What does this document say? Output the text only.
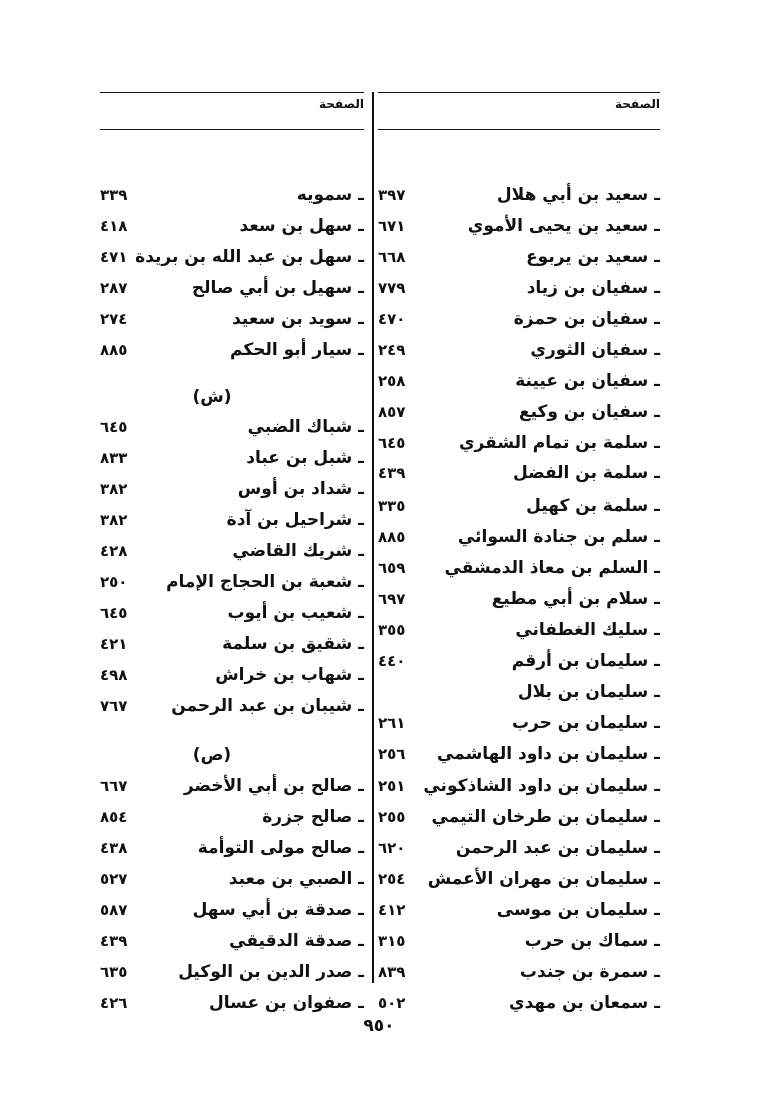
الصفحة
ـ سعيد بن أبي هلال
٣٩٧
ـ سعيد بن يحيى الأموي
٦٧١
ـ سعيد بن يربوع
٦٦٨
ـ سفيان بن زياد
٧٧٩
ـ سفيان بن حمزة
٤٧٠
ـ سفيان الثوري
٢٤٩
ـ سفيان بن عيينة
٢٥٨
ـ سفيان بن وكيع
٨٥٧
ـ سلمة بن تمام الشقري
٦٤٥
ـ سلمة بن الفضل
٤٣٩
ـ سلمة بن كهيل
٣٣٥
ـ سلم بن جنادة السوائي
٨٨٥
ـ السلم بن معاذ الدمشقي
٦٥٩
ـ سلام بن أبي مطيع
٦٩٧
ـ سليك الغطفاني
٣٥٥
ـ سليمان بن أرقم
٤٤٠
ـ سليمان بن بلال
ـ سليمان بن حرب
٢٦١
ـ سليمان بن داود الهاشمي
٢٥٦
ـ سليمان بن داود الشاذكوني
٢٥١
ـ سليمان بن طرخان التيمي
٢٥٥
ـ سليمان بن عبد الرحمن
٦٢٠
ـ سليمان بن مهران الأعمش
٢٥٤
ـ سليمان بن موسى
٤١٢
ـ سماك بن حرب
٣١٥
ـ سمرة بن جندب
٨٣٩
ـ سمعان بن مهدي
٥٠٢
الصفحة
ـ سمويه
٣٣٩
ـ سهل بن سعد
٤١٨
ـ سهل بن عبد الله بن بريدة
٤٧١
ـ سهيل بن أبي صالح
٢٨٧
ـ سويد بن سعيد
٢٧٤
ـ سيار أبو الحكم
٨٨٥
(ش)
ـ شباك الضبي
٦٤٥
ـ شبل بن عباد
٨٣٣
ـ شداد بن أوس
٣٨٢
ـ شراحيل بن آدة
٣٨٢
ـ شريك القاضي
٤٢٨
ـ شعبة بن الحجاج الإمام
٢٥٠
ـ شعيب بن أيوب
٦٤٥
ـ شقيق بن سلمة
٤٢١
ـ شهاب بن خراش
٤٩٨
ـ شيبان بن عبد الرحمن
٧٦٧
(ص)
ـ صالح بن أبي الأخضر
٦٦٧
ـ صالح جزرة
٨٥٤
ـ صالح مولى التوأمة
٤٣٨
ـ الصبي بن معبد
٥٢٧
ـ صدقة بن أبي سهل
٥٨٧
ـ صدقة الدقيقي
٤٣٩
ـ صدر الدين بن الوكيل
٦٣٥
ـ صفوان بن عسال
٤٢٦
٩٥٠
